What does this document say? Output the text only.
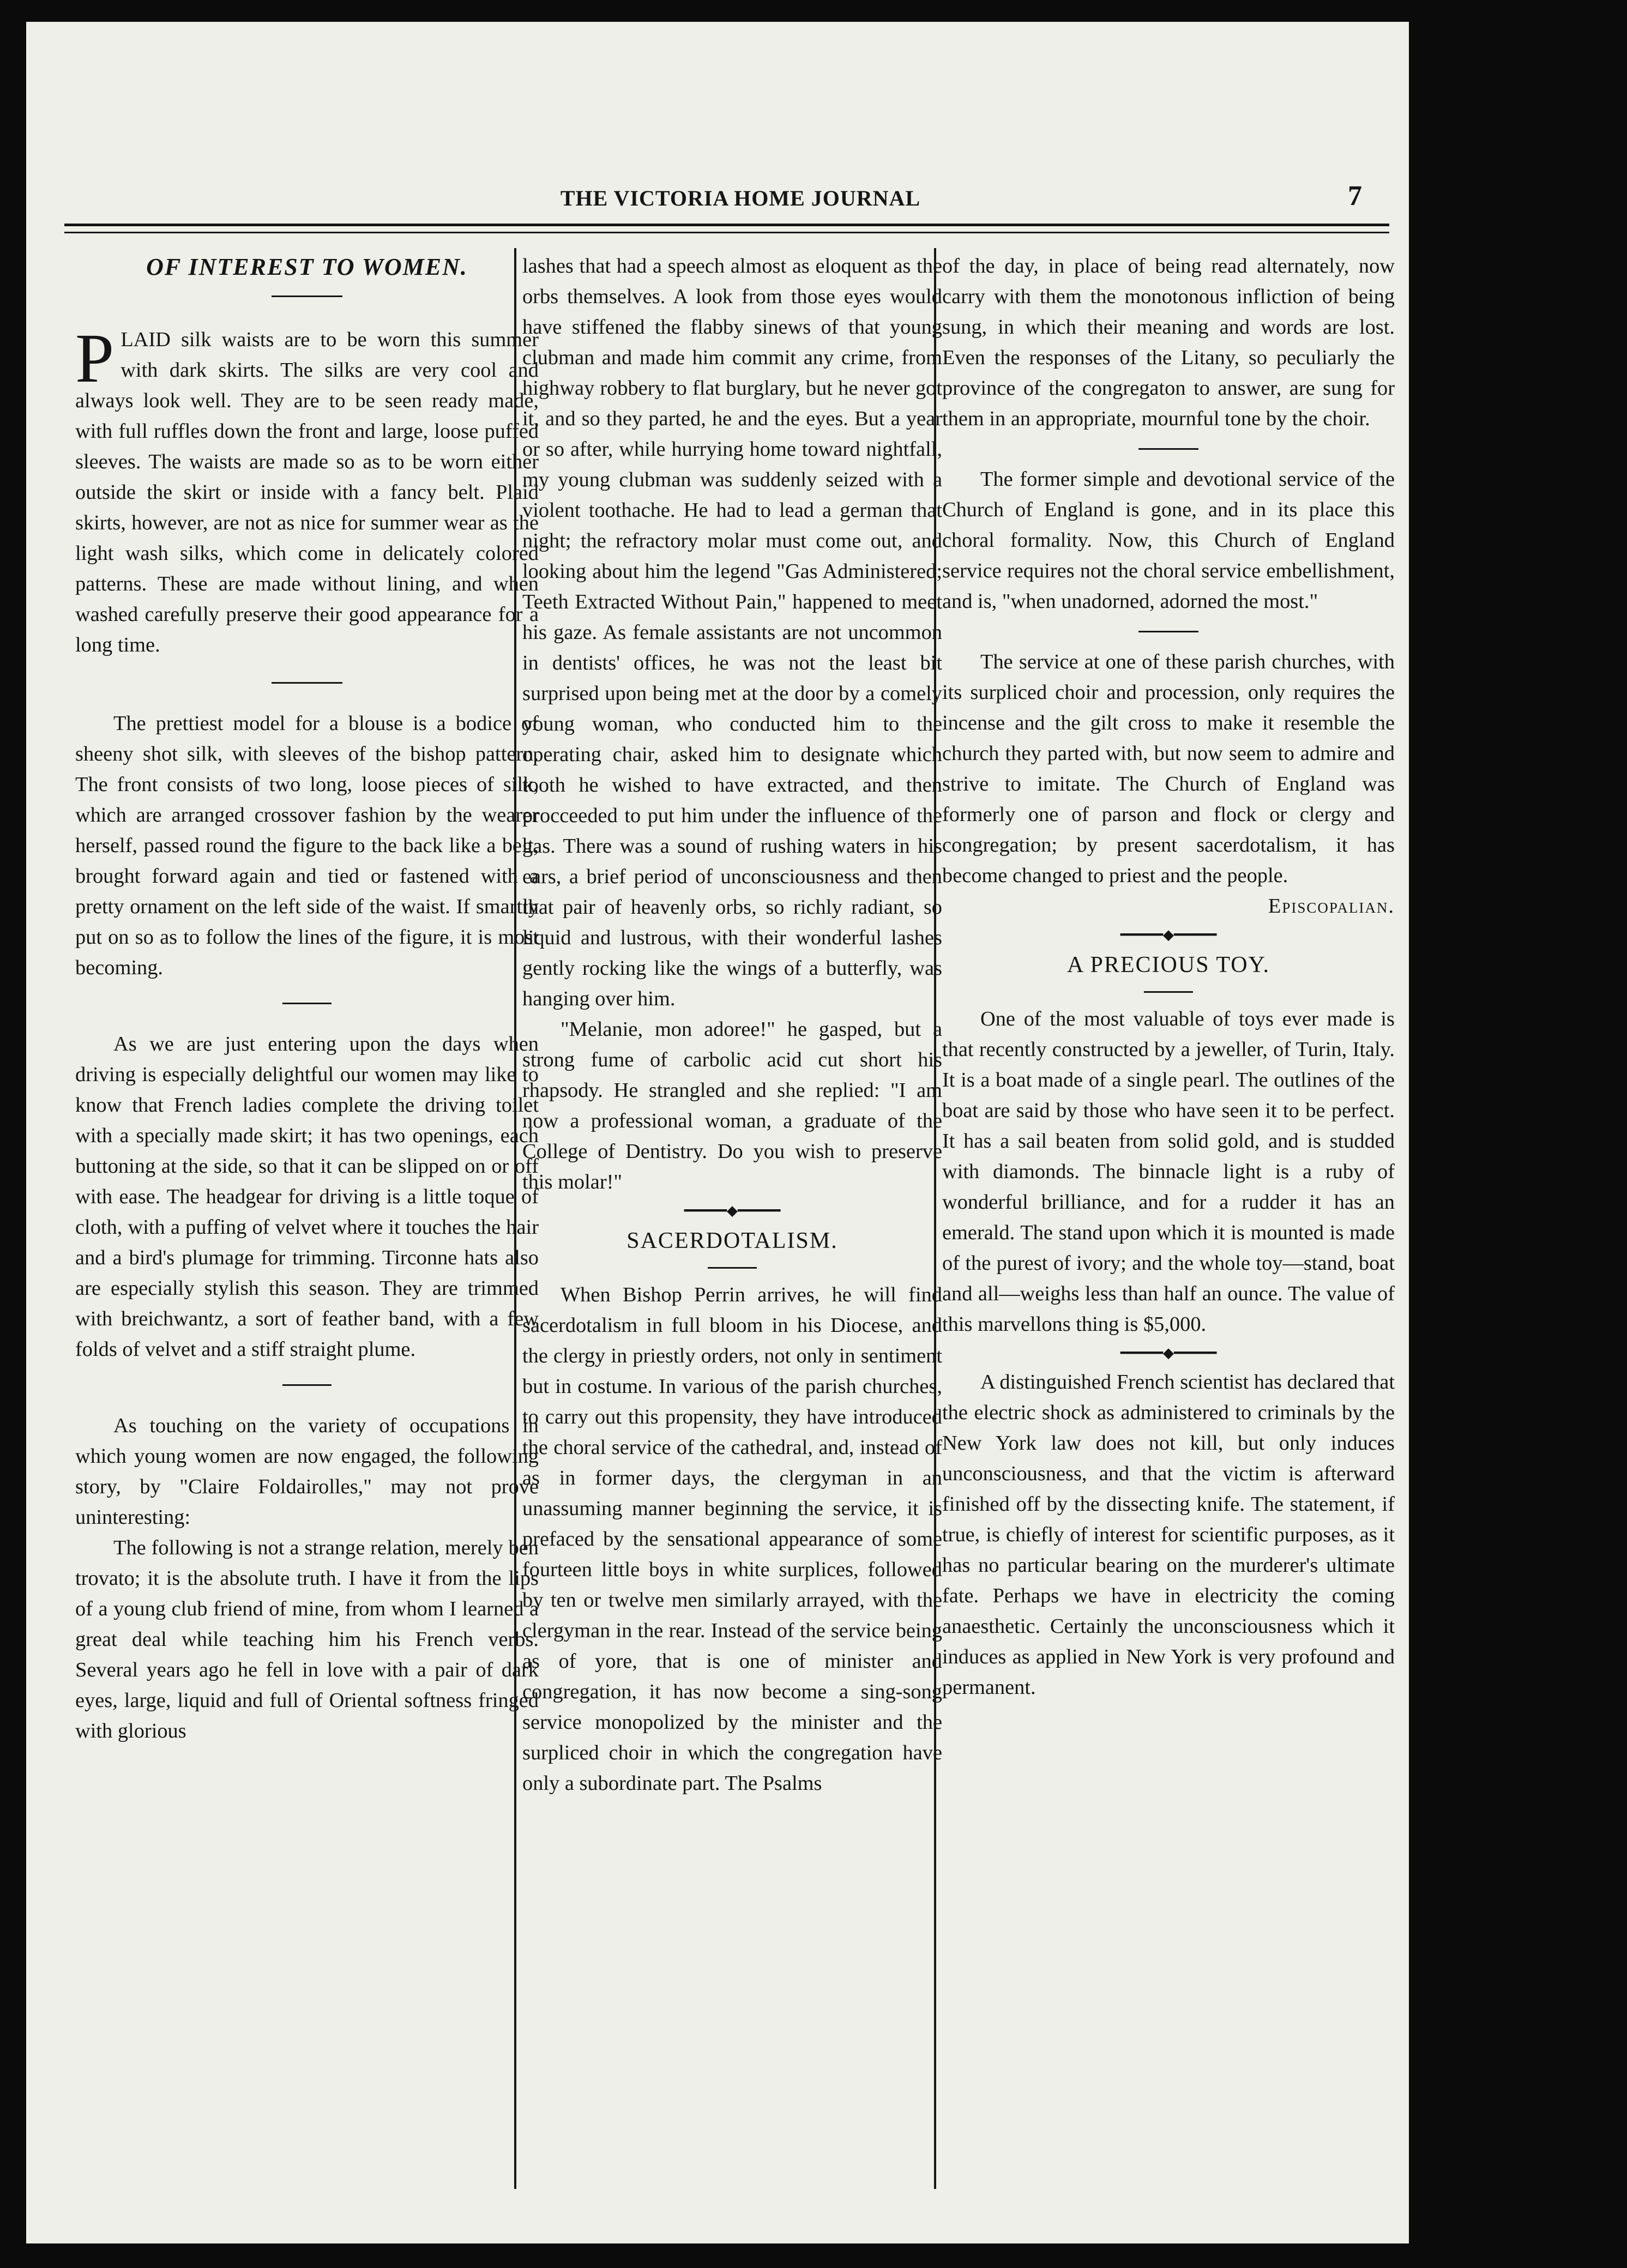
THE VICTORIA HOME JOURNAL	7
OF INTEREST TO WOMEN.

P LAID silk waists are to be worn this summer with dark skirts. The silks are very cool and always look well. They are to be seen ready made, with full ruffles down the front and large, loose puffed sleeves. The waists are made so as to be worn either outside the skirt or inside with a fancy belt. Plaid skirts, however, are not as nice for summer wear as the light wash silks, which come in delicately colored patterns. These are made without lining, and when washed carefully preserve their good appearance for a long time.

The prettiest model for a blouse is a bodice of sheeny shot silk, with sleeves of the bishop pattern. The front consists of two long, loose pieces of silk, which are arranged crossover fashion by the wearer herself, passed round the figure to the back like a belt, brought forward again and tied or fastened with a pretty ornament on the left side of the waist. If smartly put on so as to follow the lines of the figure, it is most becoming.

As we are just entering upon the days when driving is especially delightful our women may like to know that French ladies complete the driving toilet with a specially made skirt; it has two openings, each buttoning at the side, so that it can be slipped on or off with ease. The headgear for driving is a little toque of cloth, with a puffing of velvet where it touches the hair and a bird's plumage for trimming. Tirconne hats also are especially stylish this season. They are trimmed with breichwantz, a sort of feather band, with a few folds of velvet and a stiff straight plume.

As touching on the variety of occupations in which young women are now engaged, the following story, by "Claire Foldairolles," may not prove uninteresting:

The following is not a strange relation, merely ben trovato; it is the absolute truth. I have it from the lips of a young club friend of mine, from whom I learned a great deal while teaching him his French verbs. Several years ago he fell in love with a pair of dark eyes, large, liquid and full of Oriental softness fringed with glorious

lashes that had a speech almost as eloquent as the orbs themselves. A look from those eyes would have stiffened the flabby sinews of that young clubman and made him commit any crime, from highway robbery to flat burglary, but he never got it, and so they parted, he and the eyes. But a year or so after, while hurrying home toward nightfall, my young clubman was suddenly seized with a violent toothache. He had to lead a german that night; the refractory molar must come out, and looking about him the legend "Gas Administered; Teeth Extracted Without Pain," happened to meet his gaze. As female assistants are not uncommon in dentists' offices, he was not the least bit surprised upon being met at the door by a comely young woman, who conducted him to the operating chair, asked him to designate which tooth he wished to have extracted, and then procceeded to put him under the influence of the gas. There was a sound of rushing waters in his ears, a brief period of unconsciousness and then that pair of heavenly orbs, so richly radiant, so liquid and lustrous, with their wonderful lashes gently rocking like the wings of a butterfly, was hanging over him.

"Melanie, mon adoree!" he gasped, but a strong fume of carbolic acid cut short his rhapsody. He strangled and she replied: "I am now a professional woman, a graduate of the College of Dentistry. Do you wish to preserve this molar!"

━━━━━◆━━━━━
SACERDOTALISM.

When Bishop Perrin arrives, he will find sacerdotalism in full bloom in his Diocese, and the clergy in priestly orders, not only in sentiment but in costume. In various of the parish churches, to carry out this propensity, they have introduced the choral service of the cathedral, and, instead of as in former days, the clergyman in an unassuming manner beginning the service, it is prefaced by the sensational appearance of some fourteen little boys in white surplices, followed by ten or twelve men similarly arrayed, with the clergyman in the rear. Instead of the service being as of yore, that is one of minister and congregation, it has now become a sing-song service monopolized by the minister and the surpliced choir in which the congregation have only a subordinate part. The Psalms

of the day, in place of being read alternately, now carry with them the monotonous infliction of being sung, in which their meaning and words are lost. Even the responses of the Litany, so peculiarly the province of the congregaton to answer, are sung for them in an appropriate, mournful tone by the choir.

The former simple and devotional service of the Church of England is gone, and in its place this choral formality. Now, this Church of England service requires not the choral service embellishment, and is, "when unadorned, adorned the most."

The service at one of these parish churches, with its surpliced choir and procession, only requires the incense and the gilt cross to make it resemble the church they parted with, but now seem to admire and strive to imitate. The Church of England was formerly one of parson and flock or clergy and congregation; by present sacerdotalism, it has become changed to priest and the people.
Episcopalian.

━━━━━◆━━━━━
A PRECIOUS TOY.

One of the most valuable of toys ever made is that recently constructed by a jeweller, of Turin, Italy. It is a boat made of a single pearl. The outlines of the boat are said by those who have seen it to be perfect. It has a sail beaten from solid gold, and is studded with diamonds. The binnacle light is a ruby of wonderful brilliance, and for a rudder it has an emerald. The stand upon which it is mounted is made of the purest of ivory; and the whole toy—stand, boat and all—weighs less than half an ounce. The value of this marvellons thing is $5,000.

━━━━━◆━━━━━

A distinguished French scientist has declared that the electric shock as administered to criminals by the New York law does not kill, but only induces unconsciousness, and that the victim is afterward finished off by the dissecting knife. The statement, if true, is chiefly of interest for scientific purposes, as it has no particular bearing on the murderer's ultimate fate. Perhaps we have in electricity the coming anaesthetic. Certainly the unconsciousness which it induces as applied in New York is very profound and permanent.
